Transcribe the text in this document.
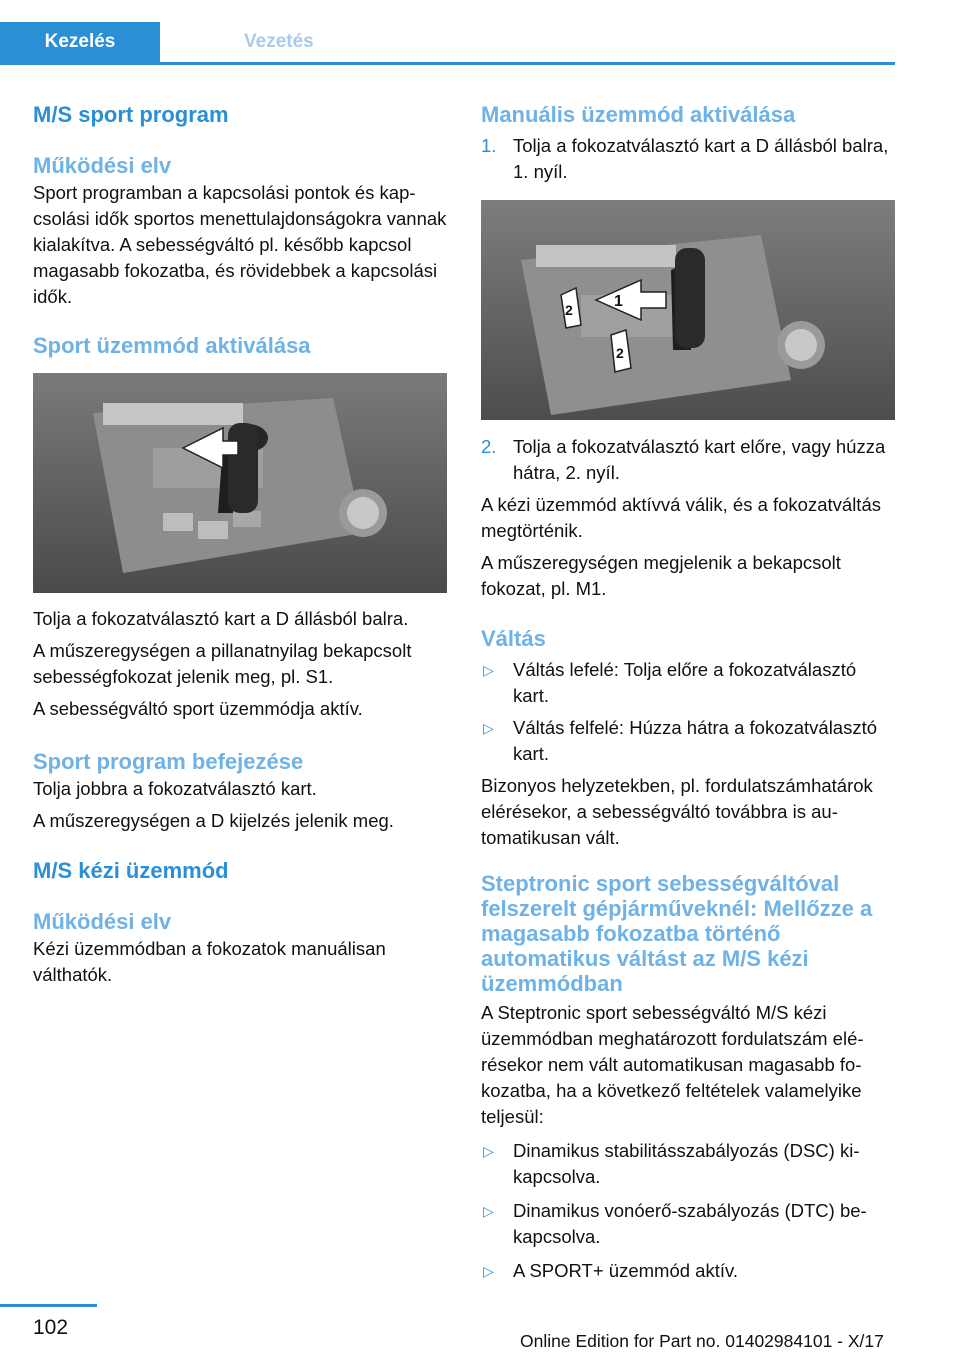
Kezelés	Vezetés
M/S sport program
Működési elv

Sport programban a kapcsolási pontok és kapcsolási idők sportos menettulajdonságokra vannak kialakítva. A sebességváltó pl. később kapcsol magasabb fokozatba, és rövidebbek a kapcsolási idők.

Sport üzemmód aktiválása

Tolja a fokozatválasztó kart a D állásból balra.

A műszeregységen a pillanatnyilag bekapcsolt sebességfokozat jelenik meg, pl. S1.

A sebességváltó sport üzemmódja aktív.

Sport program befejezése

Tolja jobbra a fokozatválasztó kart.

A műszeregységen a D kijelzés jelenik meg.

M/S kézi üzemmód
Működési elv

Kézi üzemmódban a fokozatok manuálisan válthatók.

Manuális üzemmód aktiválása
1. Tolja a fokozatválasztó kart a D állásból balra, 1. nyíl.
1
2
2
2. Tolja a fokozatválasztó kart előre, vagy húzza hátra, 2. nyíl.

A kézi üzemmód aktívvá válik, és a fokozatváltás megtörténik.

A műszeregységen megjelenik a bekapcsolt fokozat, pl. M1.

Váltás
▷ Váltás lefelé: Tolja előre a fokozatválasztó kart.
▷ Váltás felfelé: Húzza hátra a fokozatválasztó kart.

Bizonyos helyzetekben, pl. fordulatszámhatárok elérésekor, a sebességváltó továbbra is automatikusan vált.

Steptronic sport sebességváltóval felszerelt gépjárműveknél: Mellőzze a magasabb fokozatba történő automatikus váltást az M/S kézi üzemmódban

A Steptronic sport sebességváltó M/S kézi üzemmódban meghatározott fordulatszám elérésekor nem vált automatikusan magasabb fokozatba, ha a következő feltételek valamelyike teljesül:

▷ Dinamikus stabilitásszabályozás (DSC) kikapcsolva.
▷ Dinamikus vonóerő-szabályozás (DTC) bekapcsolva.
▷ A SPORT+ üzemmód aktív.
102
Online Edition for Part no. 01402984101 - X/17
